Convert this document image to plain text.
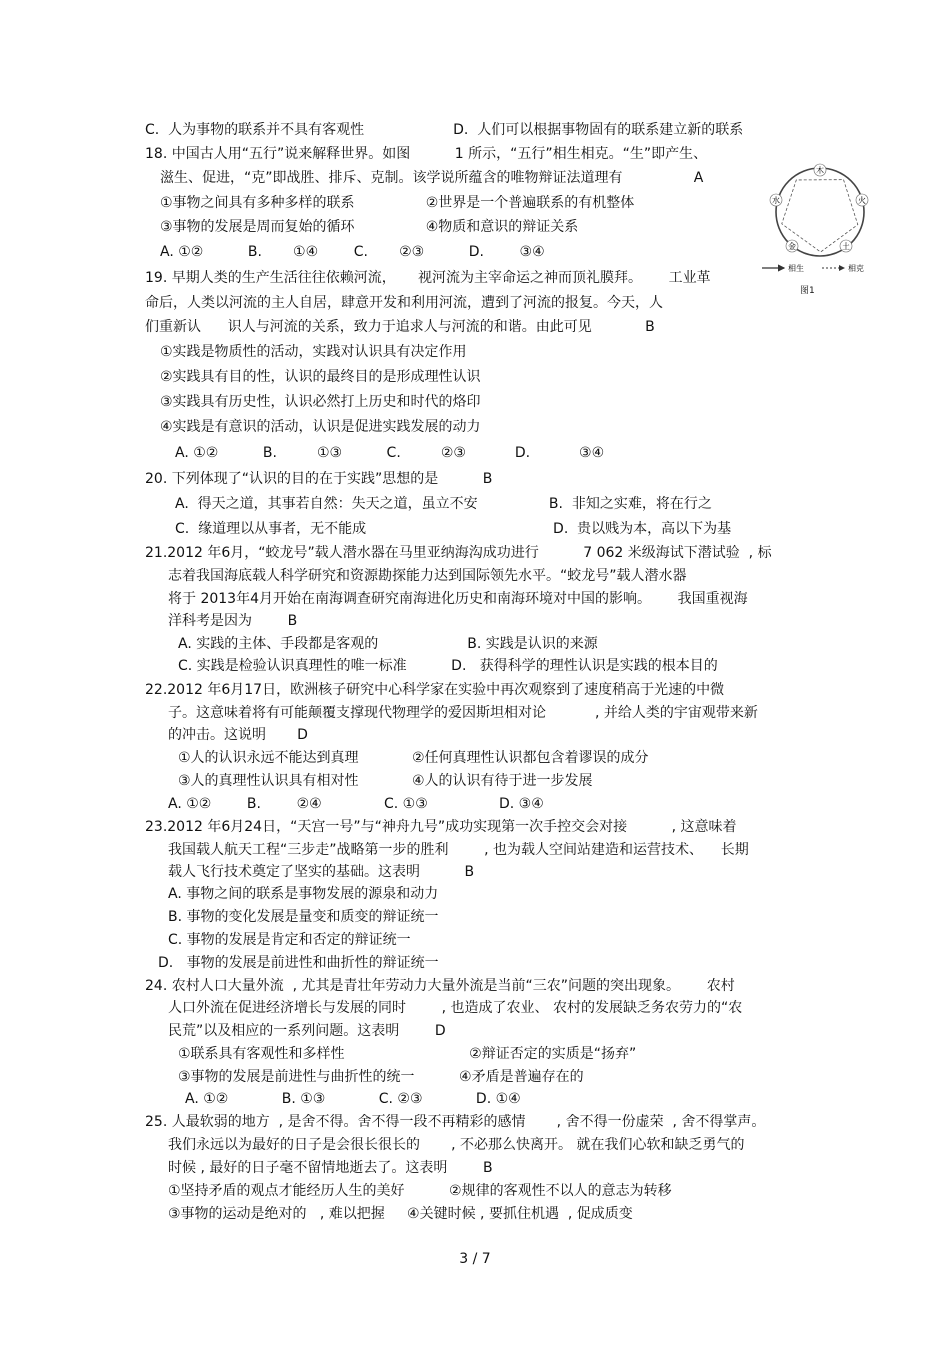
C.  人为事物的联系并不具有客观性                    D.  人们可以根据事物固有的联系建立新的联系
18. 中国古人用“五行”说来解释世界。如图          1 所示，“五行”相生相克。“生”即产生、
滋生、促进，“克”即战胜、排斥、克制。该学说所蕴含的唯物辩证法道理有                A
①事物之间具有多种多样的联系                ②世界是一个普遍联系的有机整体
③事物的发展是周而复始的循环                ④物质和意识的辩证关系
A. ①②          B.       ①④        C.       ②③          D.        ③④
19. 早期人类的生产生活往往依赖河流，     视河流为主宰命运之神而顶礼膜拜。      工业革
命后，人类以河流的主人自居，肆意开发和利用河流，遭到了河流的报复。今天，人
们重新认      识人与河流的关系，致力于追求人与河流的和谐。由此可见            B
①实践是物质性的活动，实践对认识具有决定作用
②实践具有目的性，认识的最终目的是形成理性认识
③实践具有历史性，认识必然打上历史和时代的烙印
④实践是有意识的活动，认识是促进实践发展的动力
A. ①②          B.         ①③          C.         ②③           D.           ③④
20. 下列体现了“认识的目的在于实践”思想的是          B
A.  得天之道，其事若自然：失天之道，虽立不安                B.  非知之实难，将在行之
C.  缘道理以从事者，无不能成                                          D.  贵以贱为本，高以下为基
21.2012 年6月，“蛟龙号”载人潜水器在马里亚纳海沟成功进行          7 062 米级海试下潜试验  , 标
志着我国海底载人科学研究和资源勘探能力达到国际领先水平。“蛟龙号”载人潜水器
将于 2013年4月开始在南海调查研究南海进化历史和南海环境对中国的影响。      我国重视海
洋科考是因为        B
A. 实践的主体、手段都是客观的                    B. 实践是认识的来源
C. 实践是检验认识真理性的唯一标准          D.   获得科学的理性认识是实践的根本目的
22.2012 年6月17日，欧洲核子研究中心科学家在实验中再次观察到了速度稍高于光速的中微
子。这意味着将有可能颠覆支撑现代物理学的爱因斯坦相对论           , 并给人类的宇宙观带来新
的冲击。这说明       D
①人的认识永远不能达到真理            ②任何真理性认识都包含着谬误的成分
③人的真理性认识具有相对性            ④人的认识有待于进一步发展
A. ①②        B.        ②④              C. ①③                D. ③④
23.2012 年6月24日，“天宫一号”与“神舟九号”成功实现第一次手控交会对接          , 这意味着
我国载人航天工程“三步走”战略第一步的胜利        , 也为载人空间站建造和运营技术、    长期
载人飞行技术奠定了坚实的基础。这表明          B
A. 事物之间的联系是事物发展的源泉和动力
B. 事物的变化发展是量变和质变的辩证统一
C. 事物的发展是肯定和否定的辩证统一
D.   事物的发展是前进性和曲折性的辩证统一
24. 农村人口大量外流  , 尤其是青壮年劳动力大量外流是当前“三农”问题的突出现象。      农村
人口外流在促进经济增长与发展的同时        , 也造成了农业、 农村的发展缺乏务农劳力的“农
民荒”以及相应的一系列问题。这表明        D
①联系具有客观性和多样性                            ②辩证否定的实质是“扬弃”
③事物的发展是前进性与曲折性的统一          ④矛盾是普遍存在的
A. ①②            B. ①③            C. ②③            D. ①④
25. 人最软弱的地方  , 是舍不得。舍不得一段不再精彩的感情       , 舍不得一份虚荣  , 舍不得掌声。
我们永远以为最好的日子是会很长很长的       , 不必那么快离开。 就在我们心软和缺乏勇气的
时候 , 最好的日子毫不留情地逝去了。这表明        B
①坚持矛盾的观点才能经历人生的美好          ②规律的客观性不以人的意志为转移
③事物的运动是绝对的   , 难以把握     ④关键时候 , 要抓住机遇  , 促成质变
木
火
土
金
水
相生	相克
图1
3 / 7
